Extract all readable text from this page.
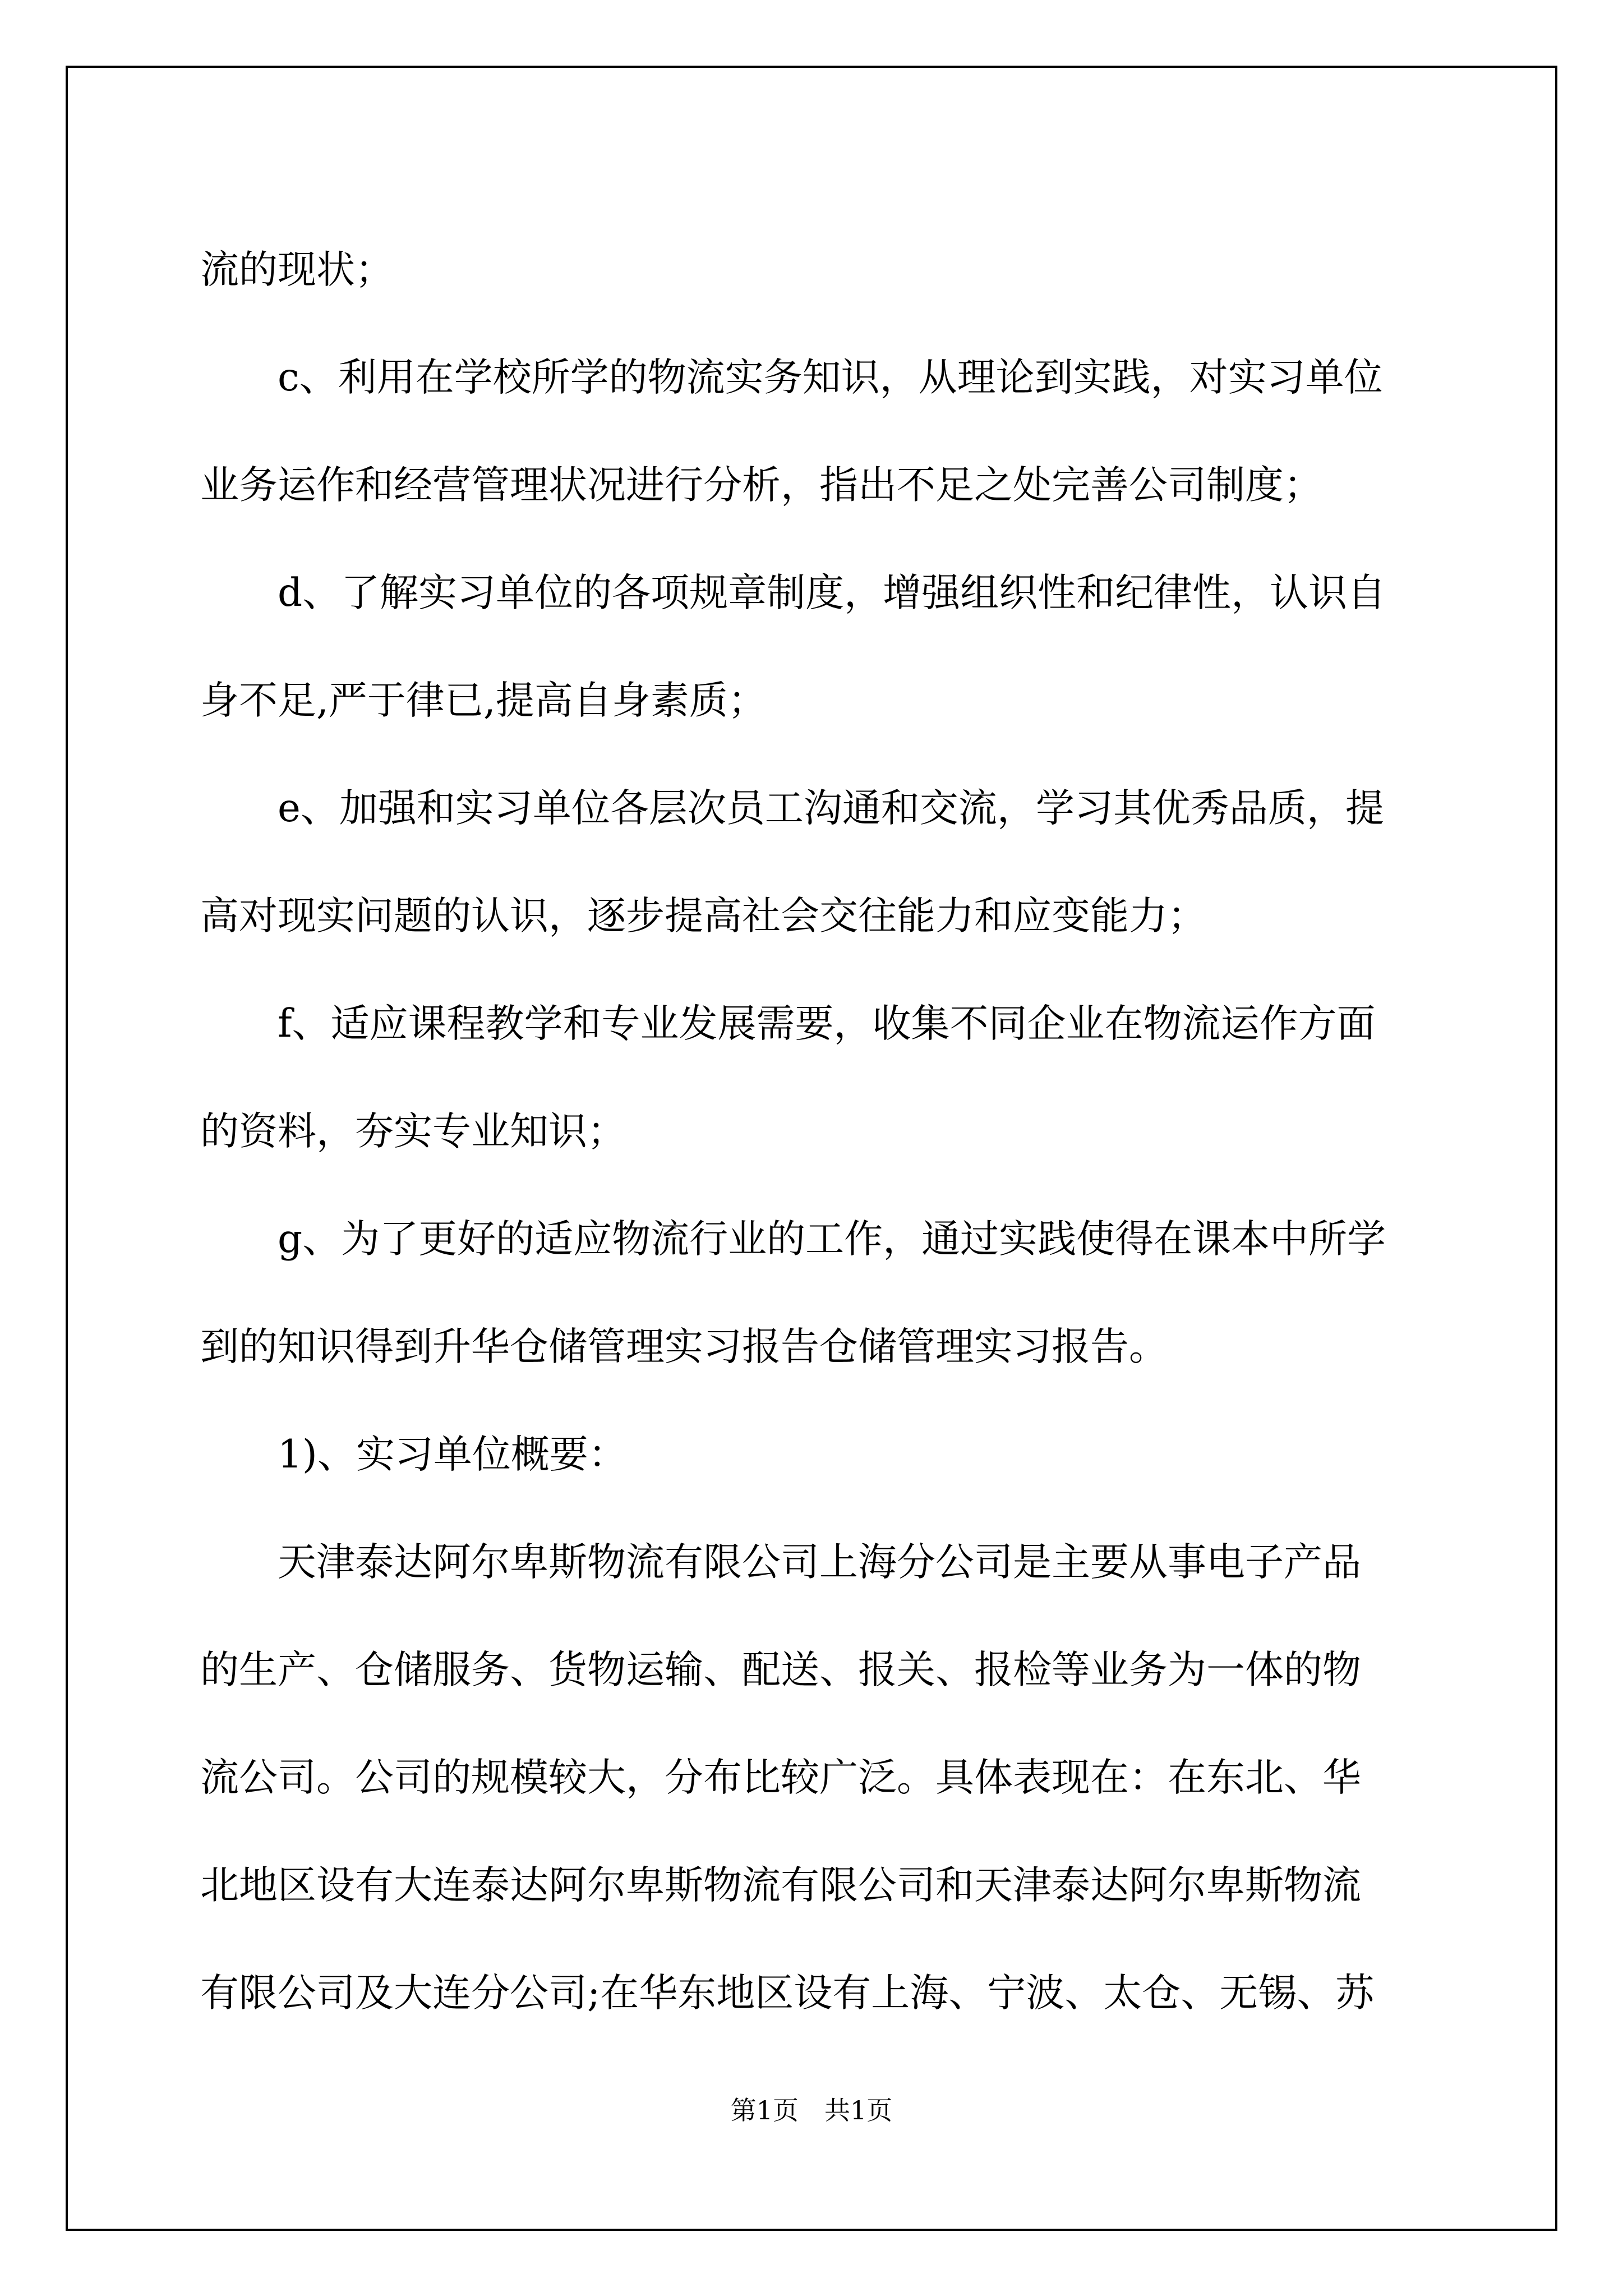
流的现状；

c、利用在学校所学的物流实务知识，从理论到实践，对实习单位

业务运作和经营管理状况进行分析，指出不足之处完善公司制度；

d、了解实习单位的各项规章制度，增强组织性和纪律性，认识自

身不足,严于律已,提高自身素质；

e、加强和实习单位各层次员工沟通和交流，学习其优秀品质，提

高对现实问题的认识，逐步提高社会交往能力和应变能力；

f、适应课程教学和专业发展需要，收集不同企业在物流运作方面

的资料，夯实专业知识；

g、为了更好的适应物流行业的工作，通过实践使得在课本中所学

到的知识得到升华仓储管理实习报告仓储管理实习报告。

1)、实习单位概要：

天津泰达阿尔卑斯物流有限公司上海分公司是主要从事电子产品

的生产、仓储服务、货物运输、配送、报关、报检等业务为一体的物

流公司。公司的规模较大，分布比较广泛。具体表现在：在东北、华

北地区设有大连泰达阿尔卑斯物流有限公司和天津泰达阿尔卑斯物流

有限公司及大连分公司;在华东地区设有上海、宁波、太仓、无锡、苏

第1页　共1页
